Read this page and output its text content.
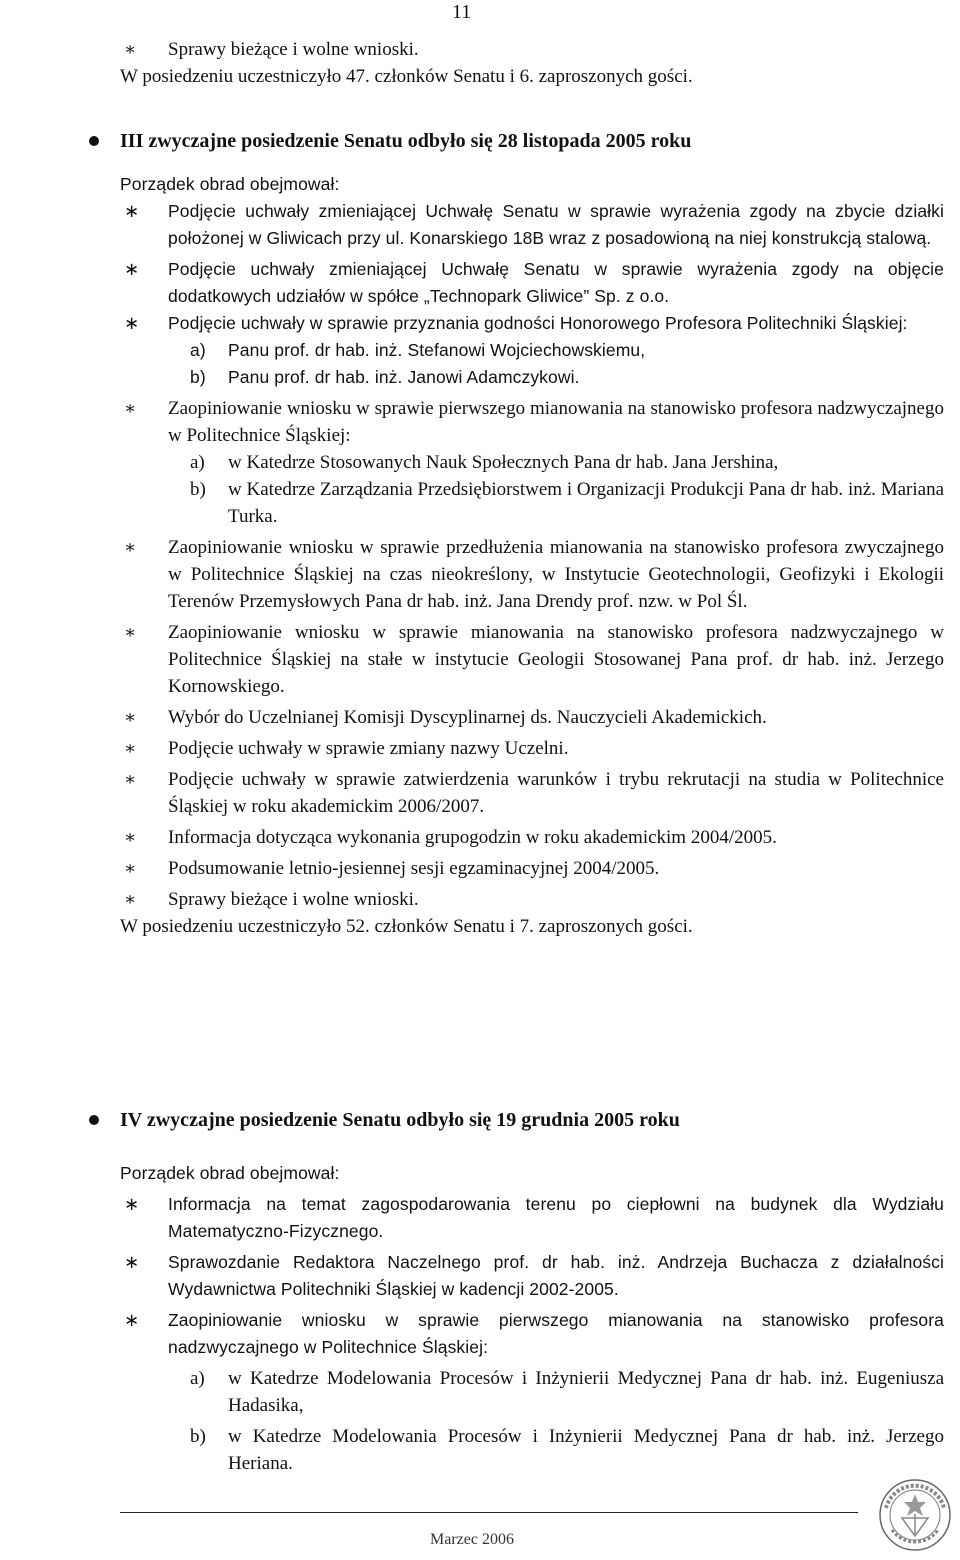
11
∗ Sprawy bieżące i wolne wnioski.
W posiedzeniu uczestniczyło 47. członków Senatu i 6. zaproszonych gości.
III zwyczajne posiedzenie Senatu odbyło się 28 listopada 2005 roku
Porządek obrad obejmował:
∗ Podjęcie uchwały zmieniającej Uchwałę Senatu w sprawie wyrażenia zgody na zbycie działki położonej w Gliwicach przy ul. Konarskiego 18B wraz z posadowioną na niej konstrukcją stalową.
∗ Podjęcie uchwały zmieniającej Uchwałę Senatu w sprawie wyrażenia zgody na objęcie dodatkowych udziałów w spółce „Technopark Gliwice” Sp. z o.o.
∗ Podjęcie uchwały w sprawie przyznania godności Honorowego Profesora Politechniki Śląskiej:
a) Panu prof. dr hab. inż. Stefanowi Wojciechowskiemu,
b) Panu prof. dr hab. inż. Janowi Adamczykowi.
∗ Zaopiniowanie wniosku w sprawie pierwszego mianowania na stanowisko profesora nadzwyczajnego w Politechnice Śląskiej:
a) w Katedrze Stosowanych Nauk Społecznych Pana dr hab. Jana Jershina,
b) w Katedrze Zarządzania Przedsiębiorstwem i Organizacji Produkcji Pana dr hab. inż. Mariana Turka.
∗ Zaopiniowanie wniosku w sprawie przedłużenia mianowania na stanowisko profesora zwyczajnego w Politechnice Śląskiej na czas nieokreślony, w Instytucie Geotechnologii, Geofizyki i Ekologii Terenów Przemysłowych Pana dr hab. inż. Jana Drendy prof. nzw. w Pol Śl.
∗ Zaopiniowanie wniosku w sprawie mianowania na stanowisko profesora nadzwyczajnego w Politechnice Śląskiej na stałe w instytucie Geologii Stosowanej Pana prof. dr hab. inż. Jerzego Kornowskiego.
∗ Wybór do Uczelnianej Komisji Dyscyplinarnej ds. Nauczycieli Akademickich.
∗ Podjęcie uchwały w sprawie zmiany nazwy Uczelni.
∗ Podjęcie uchwały w sprawie zatwierdzenia warunków i trybu rekrutacji na studia w Politechnice Śląskiej w roku akademickim 2006/2007.
∗ Informacja dotycząca wykonania grupogodzin w roku akademickim 2004/2005.
∗ Podsumowanie letnio-jesiennej sesji egzaminacyjnej 2004/2005.
∗ Sprawy bieżące i wolne wnioski.
W posiedzeniu uczestniczyło 52. członków Senatu i 7. zaproszonych gości.
IV zwyczajne posiedzenie Senatu odbyło się 19 grudnia 2005 roku
Porządek obrad obejmował:
∗ Informacja na temat zagospodarowania terenu po ciepłowni na budynek dla Wydziału Matematyczno-Fizycznego.
∗ Sprawozdanie Redaktora Naczelnego prof. dr hab. inż. Andrzeja Buchacza z działalności Wydawnictwa Politechniki Śląskiej w kadencji 2002-2005.
∗ Zaopiniowanie wniosku w sprawie pierwszego mianowania na stanowisko profesora nadzwyczajnego w Politechnice Śląskiej:
a) w Katedrze Modelowania Procesów i Inżynierii Medycznej Pana dr hab. inż. Eugeniusza Hadasika,
b) w Katedrze Modelowania Procesów i Inżynierii Medycznej Pana dr hab. inż. Jerzego Heriana.
Marzec 2006
